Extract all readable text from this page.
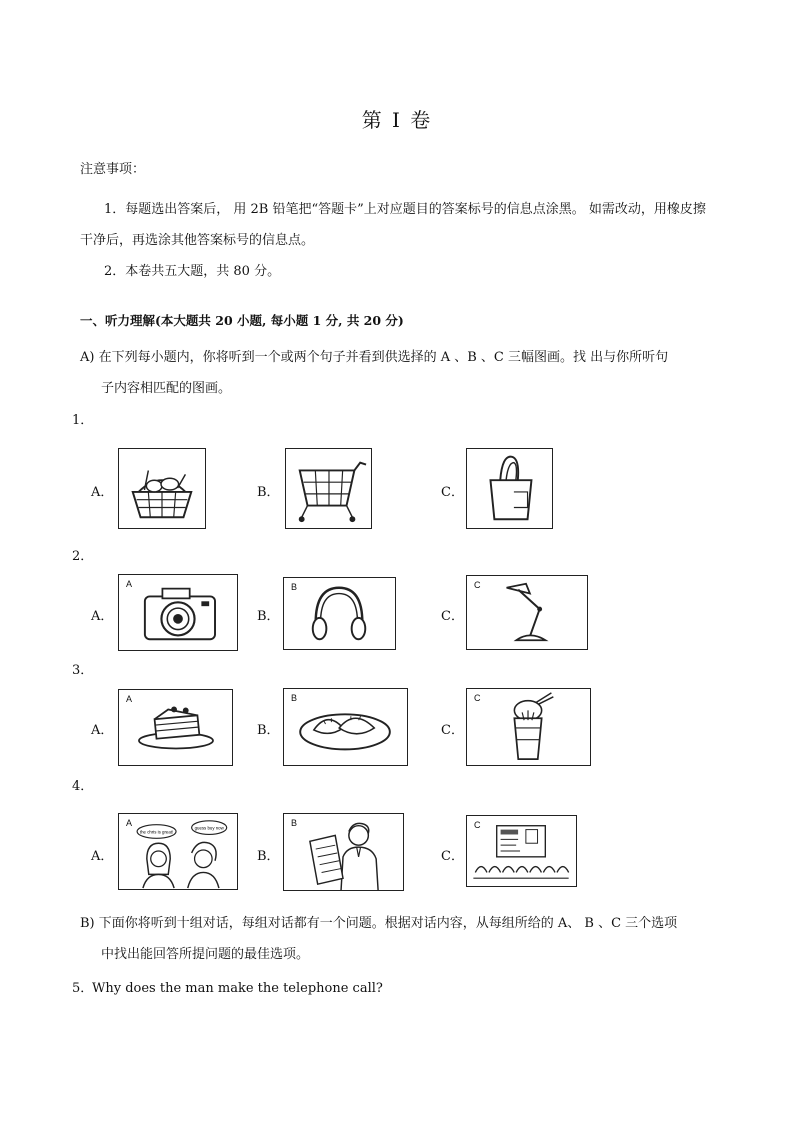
第 I 卷
注意事项：
1．每题选出答案后， 用 2B 铅笔把“答题卡”上对应题目的答案标号的信息点涂黑。 如需改动，用橡皮擦
干净后，再选涂其他答案标号的信息点。
2．本卷共五大题，共 80 分。
一、听力理解(本大题共 20 小题, 每小题 1 分, 共 20 分)
A) 在下列每小题内，你将听到一个或两个句子并看到供选择的 A 、B 、C 三幅图画。找 出与你所听句
子内容相匹配的图画。
1．
A．	B．	C．
2．
A．
A
B．
B
C．
C
3．
A．
A
B．
B
C．
C
4．
A．
A
the chris is great!
guess buy now
B．
B
C．
C
B) 下面你将听到十组对话，每组对话都有一个问题。根据对话内容，从每组所给的 A、 B 、C 三个选项
中找出能回答所提问题的最佳选项。
5．
Why does the man make the telephone call?
